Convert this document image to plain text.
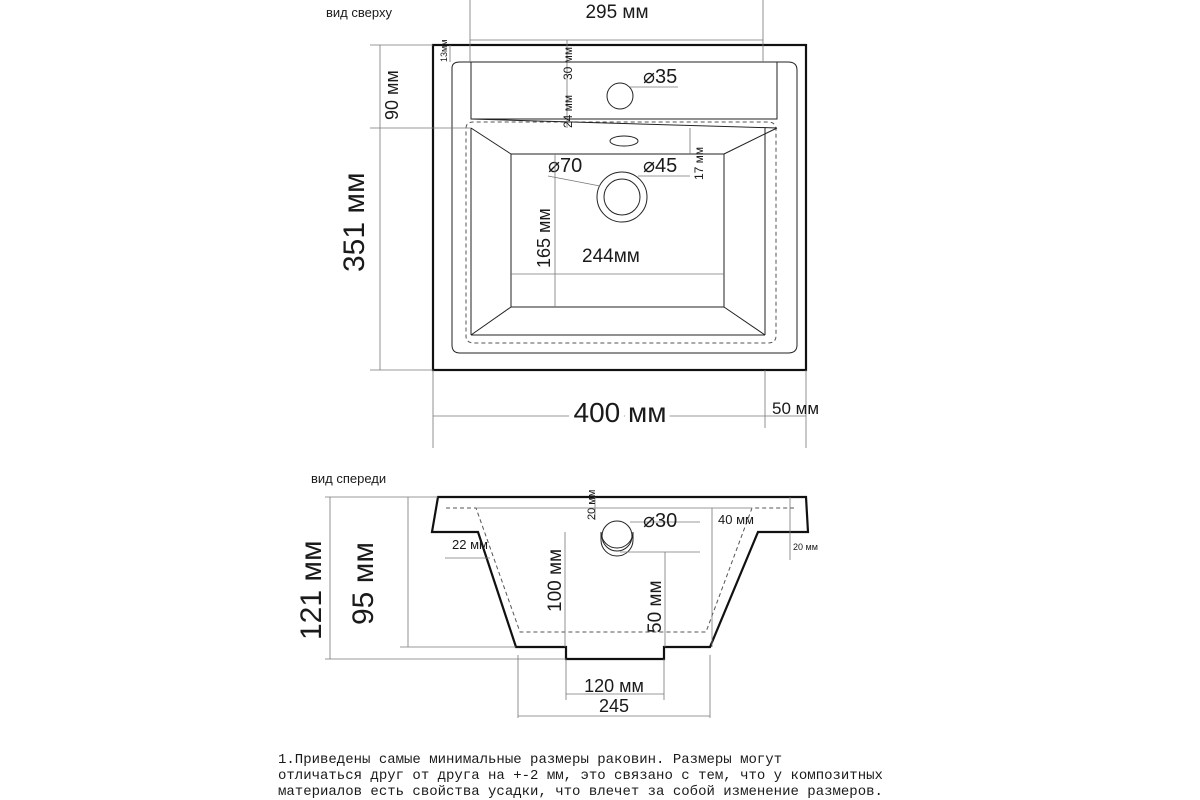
вид сверху	295 мм
90 мм
351 мм
13мм	30 мм
24 мм
⌀35
⌀70	⌀45 17 мм
165 мм 244мм
400 мм	50 мм
вид спереди
20 мм
⌀30	40 мм
22 мм	20 мм
121 мм 95 мм	100 мм	50 мм
120 мм
245
1.Приведены самые минимальные размеры раковин. Размеры могут
отличаться друг от друга на +-2 мм, это связано с тем, что у композитных
материалов есть свойства усадки, что влечет за собой изменение размеров.
